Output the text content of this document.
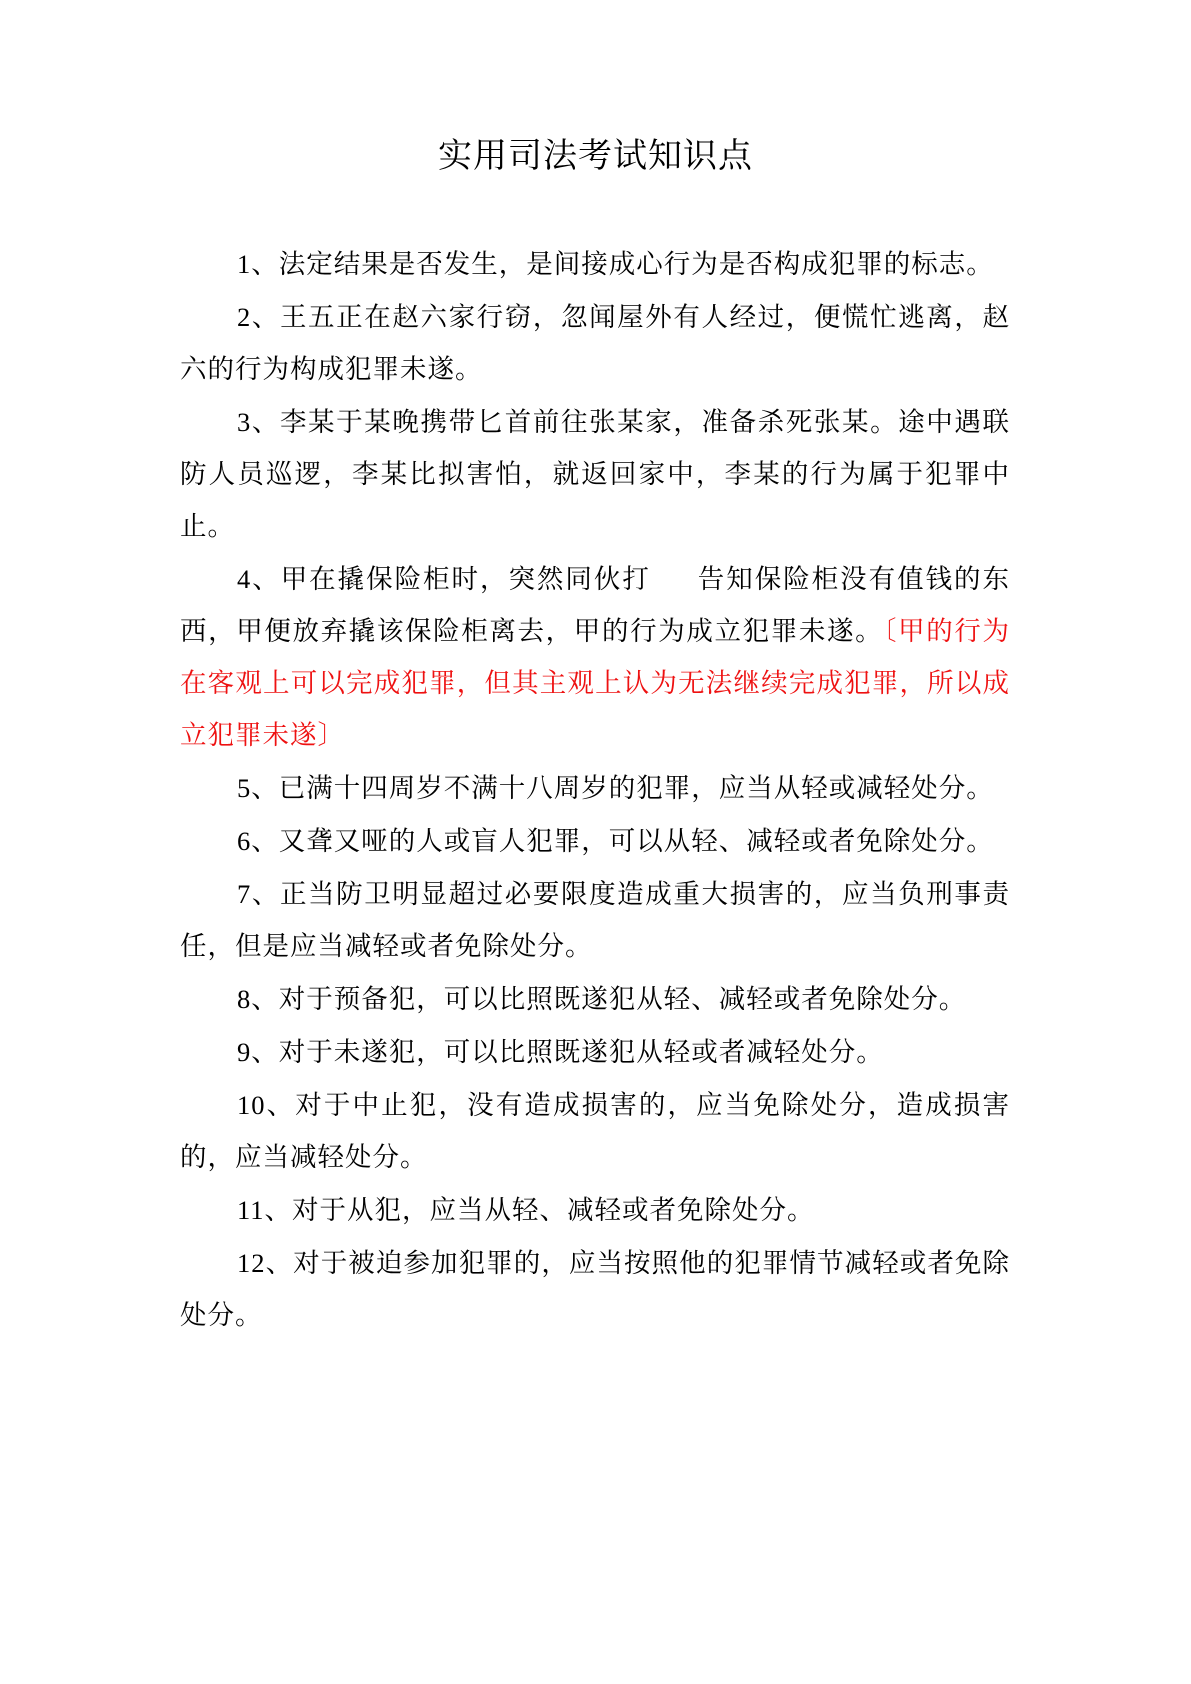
实用司法考试知识点

1、法定结果是否发生，是间接成心行为是否构成犯罪的标志。

2、王五正在赵六家行窃，忽闻屋外有人经过，便慌忙逃离，赵六的行为构成犯罪未遂。

3、李某于某晚携带匕首前往张某家，准备杀死张某。途中遇联防人员巡逻，李某比拟害怕，就返回家中，李某的行为属于犯罪中止。

4、甲在撬保险柜时，突然同伙打 告知保险柜没有值钱的东西，甲便放弃撬该保险柜离去，甲的行为成立犯罪未遂。〔甲的行为在客观上可以完成犯罪，但其主观上认为无法继续完成犯罪，所以成立犯罪未遂〕

5、已满十四周岁不满十八周岁的犯罪，应当从轻或减轻处分。

6、又聋又哑的人或盲人犯罪，可以从轻、减轻或者免除处分。

7、正当防卫明显超过必要限度造成重大损害的，应当负刑事责任，但是应当减轻或者免除处分。

8、对于预备犯，可以比照既遂犯从轻、减轻或者免除处分。

9、对于未遂犯，可以比照既遂犯从轻或者减轻处分。

10、对于中止犯，没有造成损害的，应当免除处分，造成损害的，应当减轻处分。

11、对于从犯，应当从轻、减轻或者免除处分。

12、对于被迫参加犯罪的，应当按照他的犯罪情节减轻或者免除处分。
